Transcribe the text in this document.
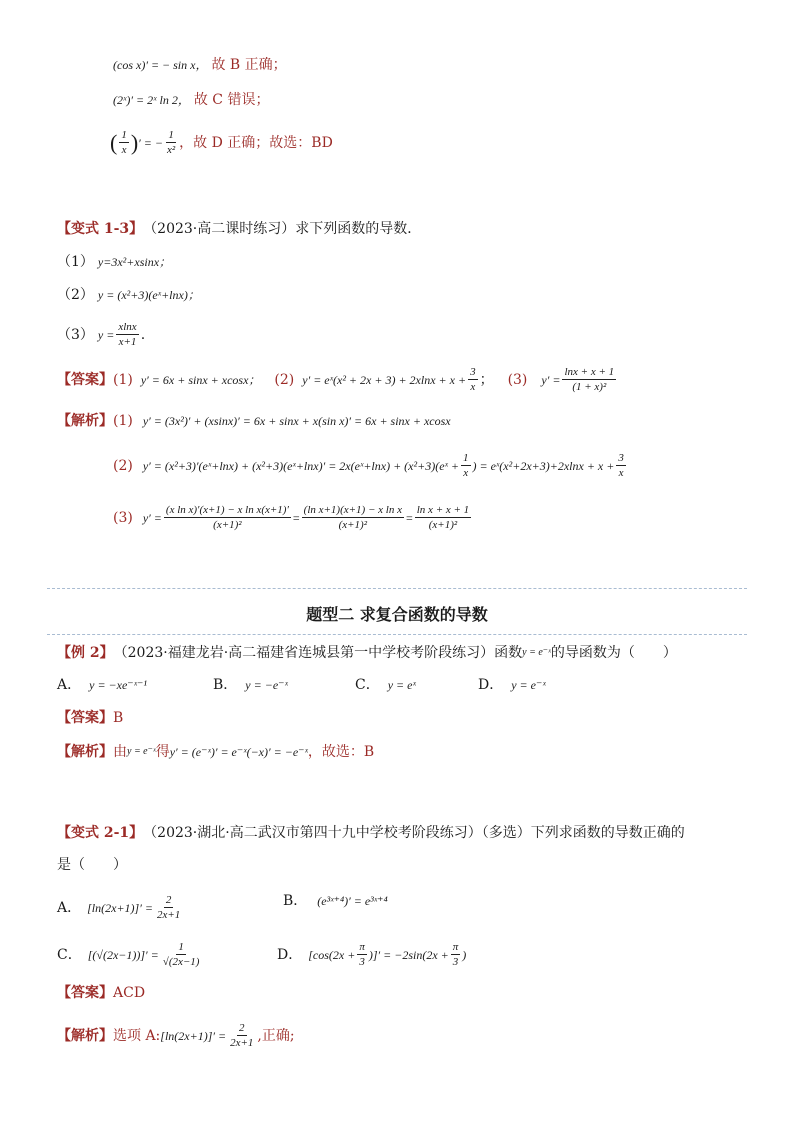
(cos x)′ = − sin x， 故 B 正确；
(2ˣ)′ = 2ˣ ln 2， 故 C 错误；
( $\frac{1}{x}$ ) ′ = − $\frac{1}{\text{x²}}$ ，故 D 正确；故选：BD
【变式 1-3】 （2023·高二课时练习）求下列函数的导数．
（1） y=3x²+xsinx；
（2） y = (x²+3)(eˣ+lnx)；
（3） $y = \frac{xlnx}{x+1}$ .
【答案】 (1) y′ = 6x + sinx + xcosx； (2) y′ = eˣ(x² + $2x + 3) + 2xlnx + x + \frac{3}{x}$ ； (3) $y' = \frac{\ln x + x + 1}{\text{(1 + x)²}}$
【解析】 (1) y′ = (3x²)′ + (xsinx)′ = 6x + sinx + x(sin x)′ = 6x + sinx + xcosx
(2) y′ = (x²+3)′(eˣ+lnx) + (x²+3)(eˣ+lnx)′ = 2x(eˣ+lnx) + (x²+3)(eˣ + $\frac{1}{x}$ ) = eˣ(x²+2x+3)+2xlnx + $x + \frac{3}{x}$
(3) $y' = \frac{\text{(x ln x)′(x+1) − x ln x(x+1)′}}{\text{(x+1)²}} = \frac{\text{(ln x+1)(x+1) − x ln x}}{\text{(x+1)²}} = \frac{\text{ln x + x + 1}}{\text{(x+1)²}}$
题型二 求复合函数的导数
【例 2】 （2023·福建龙岩·高二福建省连城县第一中学校考阶段练习）函数 y = e⁻ˣ 的导函数为（　　）
A． y = −xe⁻ˣ⁻¹	B． y = −e⁻ˣ	C． y = eˣ	D． y = e⁻ˣ
【答案】 B
【解析】 由 y = e⁻ˣ 得 y′ = (e⁻ˣ)′ = e⁻ˣ(−x)′ = −e⁻ˣ ，故选：B
【变式 2-1】 （2023·湖北·高二武汉市第四十九中学校考阶段练习）（多选）下列求函数的导数正确的
是（　　）
A． $[\ln(2x+1)]' = \frac{2}{2x+1}$	B． (e³ˣ⁺⁴)′ = e³ˣ⁺⁴
C． $[(√(2x-1))]' = \frac{1}{√(2x-1)}$	D． [$\cos(2x + \frac{\pi}{3}$ )]′ = $-2\sin(2x + \frac{\pi}{3}$ )
【答案】 ACD
【解析】 选项 A: $[\ln(2x+1)]' = \frac{2}{2x+1}$ ,正确;
